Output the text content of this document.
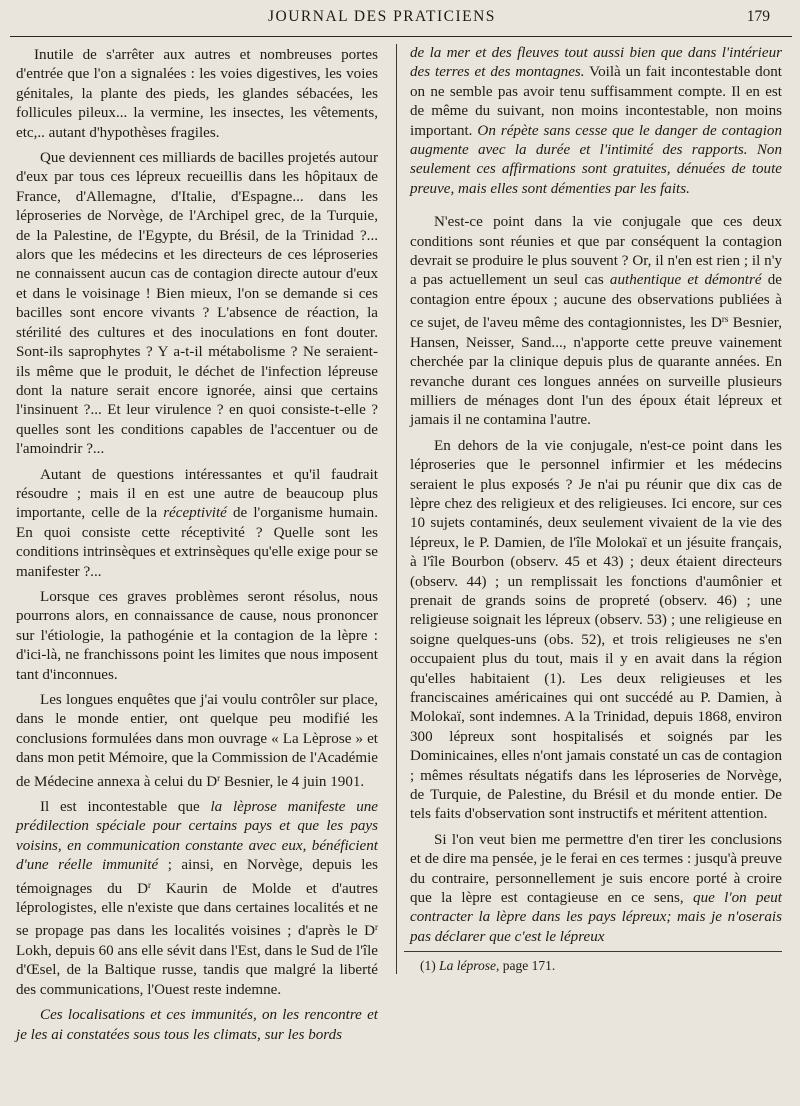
JOURNAL DES PRATICIENS	179

Inutile de s'arrêter aux autres et nombreuses portes d'entrée que l'on a signalées : les voies digestives, les voies génitales, la plante des pieds, les glandes sébacées, les follicules pileux... la vermine, les insectes, les vêtements, etc,.. autant d'hypothèses fragiles.

Que deviennent ces milliards de bacilles projetés autour d'eux par tous ces lépreux recueillis dans les hôpitaux de France, d'Allemagne, d'Italie, d'Espagne... dans les léproseries de Norvège, de l'Archipel grec, de la Turquie, de la Palestine, de l'Egypte, du Brésil, de la Trinidad ?... alors que les médecins et les directeurs de ces léproseries ne connaissent aucun cas de contagion directe autour d'eux et dans le voisinage ! Bien mieux, l'on se demande si ces bacilles sont encore vivants ? L'absence de réaction, la stérilité des cultures et des inoculations en font douter. Sont-ils saprophytes ? Y a-t-il métabolisme ? Ne seraient-ils même que le produit, le déchet de l'infection lépreuse dont la nature serait encore ignorée, ainsi que certains l'insinuent ?... Et leur virulence ? en quoi consiste-t-elle ? quelles sont les conditions capables de l'accentuer ou de l'amoindrir ?...

Autant de questions intéressantes et qu'il faudrait résoudre ; mais il en est une autre de beaucoup plus importante, celle de la réceptivité de l'organisme humain. En quoi consiste cette réceptivité ? Quelle sont les conditions intrinsèques et extrinsèques qu'elle exige pour se manifester ?...

Lorsque ces graves problèmes seront résolus, nous pourrons alors, en connaissance de cause, nous prononcer sur l'étiologie, la pathogénie et la contagion de la lèpre : d'ici-là, ne franchissons point les limites que nous imposent tant d'inconnues.

Les longues enquêtes que j'ai voulu contrôler sur place, dans le monde entier, ont quelque peu modifié les conclusions formulées dans mon ouvrage « La Lèprose » et dans mon petit Mémoire, que la Commission de l'Académie de Médecine annexa à celui du $D^r$ Besnier, le 4 juin 1901.

Il est incontestable que la lèprose manifeste une prédilection spéciale pour certains pays et que les pays voisins, en communication constante avec eux, bénéficient d'une réelle immunité ; ainsi, en Norvège, depuis les témoignages du $D^r$ Kaurin de Molde et d'autres léprologistes, elle n'existe que dans certaines localités et ne se propage pas dans les localités voisines ; d'après le $D^r$ Lokh, depuis 60 ans elle sévit dans l'Est, dans le Sud de l'île d'Œsel, de la Baltique russe, tandis que malgré la liberté des communications, l'Ouest reste indemne.

Ces localisations et ces immunités, on les rencontre et je les ai constatées sous tous les climats, sur les bords

de la mer et des fleuves tout aussi bien que dans l'intérieur des terres et des montagnes. Voilà un fait incontestable dont on ne semble pas avoir tenu suffisamment compte. Il en est de même du suivant, non moins incontestable, non moins important. On répète sans cesse que le danger de contagion augmente avec la durée et l'intimité des rapports. Non seulement ces affirmations sont gratuites, dénuées de toute preuve, mais elles sont démenties par les faits.

N'est-ce point dans la vie conjugale que ces deux conditions sont réunies et que par conséquent la contagion devrait se produire le plus souvent ? Or, il n'en est rien ; il n'y a pas actuellement un seul cas authentique et démontré de contagion entre époux ; aucune des observations publiées à ce sujet, de l'aveu même des contagionnistes, les $D^{rs}$ Besnier, Hansen, Neisser, Sand..., n'apporte cette preuve vainement cherchée par la clinique depuis plus de quarante années. En revanche durant ces longues années on surveille plusieurs milliers de ménages dont l'un des époux était lépreux et jamais il ne contamina l'autre.

En dehors de la vie conjugale, n'est-ce point dans les léproseries que le personnel infirmier et les médecins seraient le plus exposés ? Je n'ai pu réunir que dix cas de lèpre chez des religieux et des religieuses. Ici encore, sur ces 10 sujets contaminés, deux seulement vivaient de la vie des lépreux, le P. Damien, de l'île Molokaï et un jésuite français, à l'île Bourbon (observ. 45 et 43) ; deux étaient directeurs (observ. 44) ; un remplissait les fonctions d'aumônier et prenait de grands soins de propreté (observ. 46) ; une religieuse soignait les lépreux (observ. 53) ; une religieuse en soigne quelques-uns (obs. 52), et trois religieuses ne s'en occupaient plus du tout, mais il y en avait dans la région qu'elles habitaient (1). Les deux religieuses et les franciscaines américaines qui ont succédé au P. Damien, à Molokaï, sont indemnes. A la Trinidad, depuis 1868, environ 300 lépreux sont hospitalisés et soignés par les Dominicaines, elles n'ont jamais constaté un cas de contagion ; mêmes résultats négatifs dans les léproseries de Norvège, de Turquie, de Palestine, du Brésil et du monde entier. De tels faits d'observation sont instructifs et méritent attention.

Si l'on veut bien me permettre d'en tirer les conclusions et de dire ma pensée, je le ferai en ces termes : jusqu'à preuve du contraire, personnellement je suis encore porté à croire que la lèpre est contagieuse en ce sens, que l'on peut contracter la lèpre dans les pays lépreux; mais je n'oserais pas déclarer que c'est le lépreux

(1) La léprose, page 171.
